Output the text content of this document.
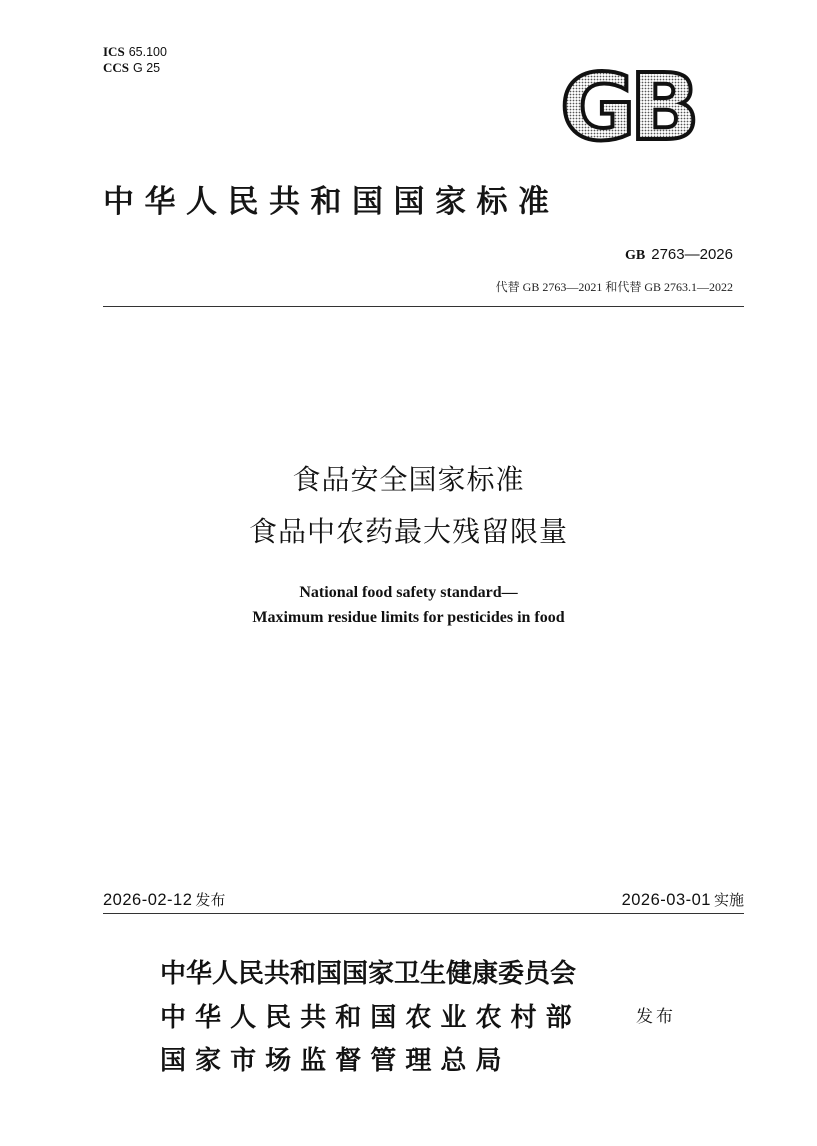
ICS 65.100
CCS G 25	GB
中华人民共和国国家标准
GB 2763—2026
代替 GB 2763—2021 和代替 GB 2763.1—2022
食品安全国家标准
食品中农药最大残留限量
National food safety standard—
Maximum residue limits for pesticides in food
2026-02-12 发布	2026-03-01 实施
中华人民共和国国家卫生健康委员会
中 华 人 民 共 和 国 农 业 农 村 部
国 家 市 场 监 督 管 理 总 局
发布
